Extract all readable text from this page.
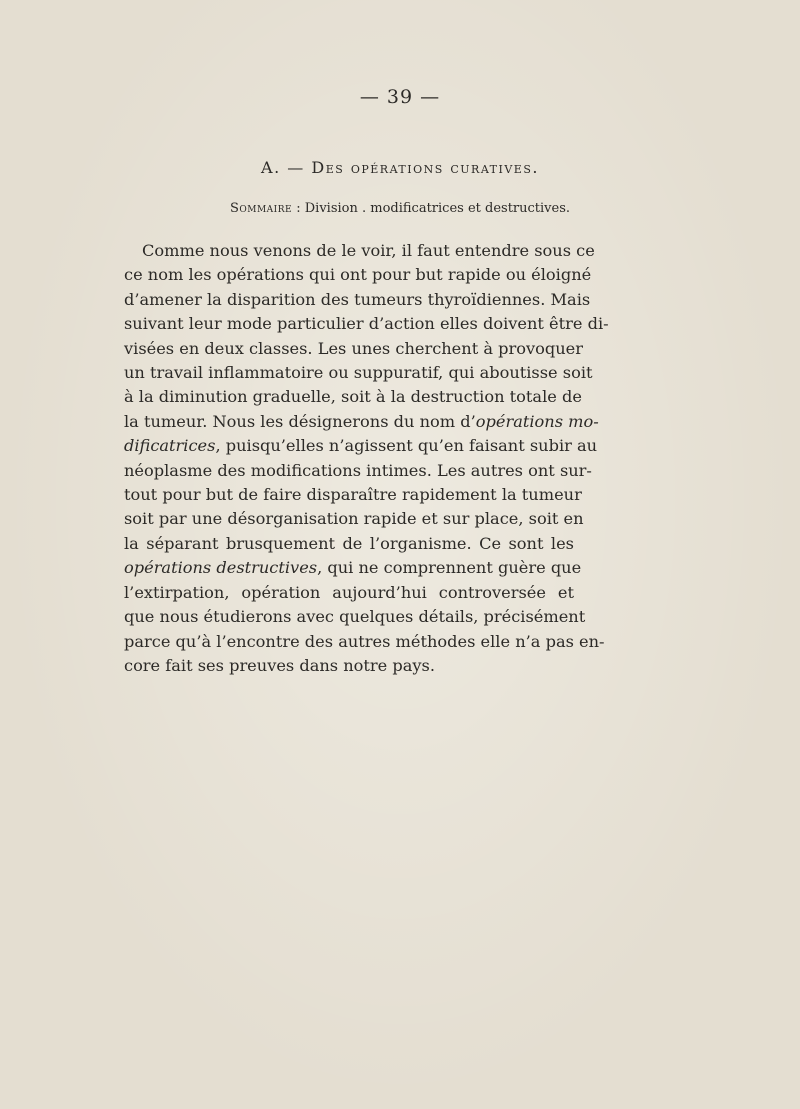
— 39 —
A. — Des opérations curatives.
Sommaire : Division . modificatrices et destructives.
Comme nous venons de le voir, il faut entendre sous ce
ce nom les opérations qui ont pour but rapide ou éloigné
d’amener la disparition des tumeurs thyroïdiennes. Mais
suivant leur mode particulier d’action elles doivent être di-
visées en deux classes. Les unes cherchent à provoquer
un travail inflammatoire ou suppuratif, qui aboutisse soit
à la diminution graduelle, soit à la destruction totale de
la tumeur. Nous les désignerons du nom d’opérations mo-
dificatrices, puisqu’elles n’agissent qu’en faisant subir au
néoplasme des modifications intimes. Les autres ont sur-
tout pour but de faire disparaître rapidement la tumeur
soit par une désorganisation rapide et sur place, soit en
la séparant brusquement de l’organisme. Ce sont les
opérations destructives, qui ne comprennent guère que
l’extirpation, opération aujourd’hui controversée et
que nous étudierons avec quelques détails, précisément
parce qu’à l’encontre des autres méthodes elle n’a pas en-
core fait ses preuves dans notre pays.
